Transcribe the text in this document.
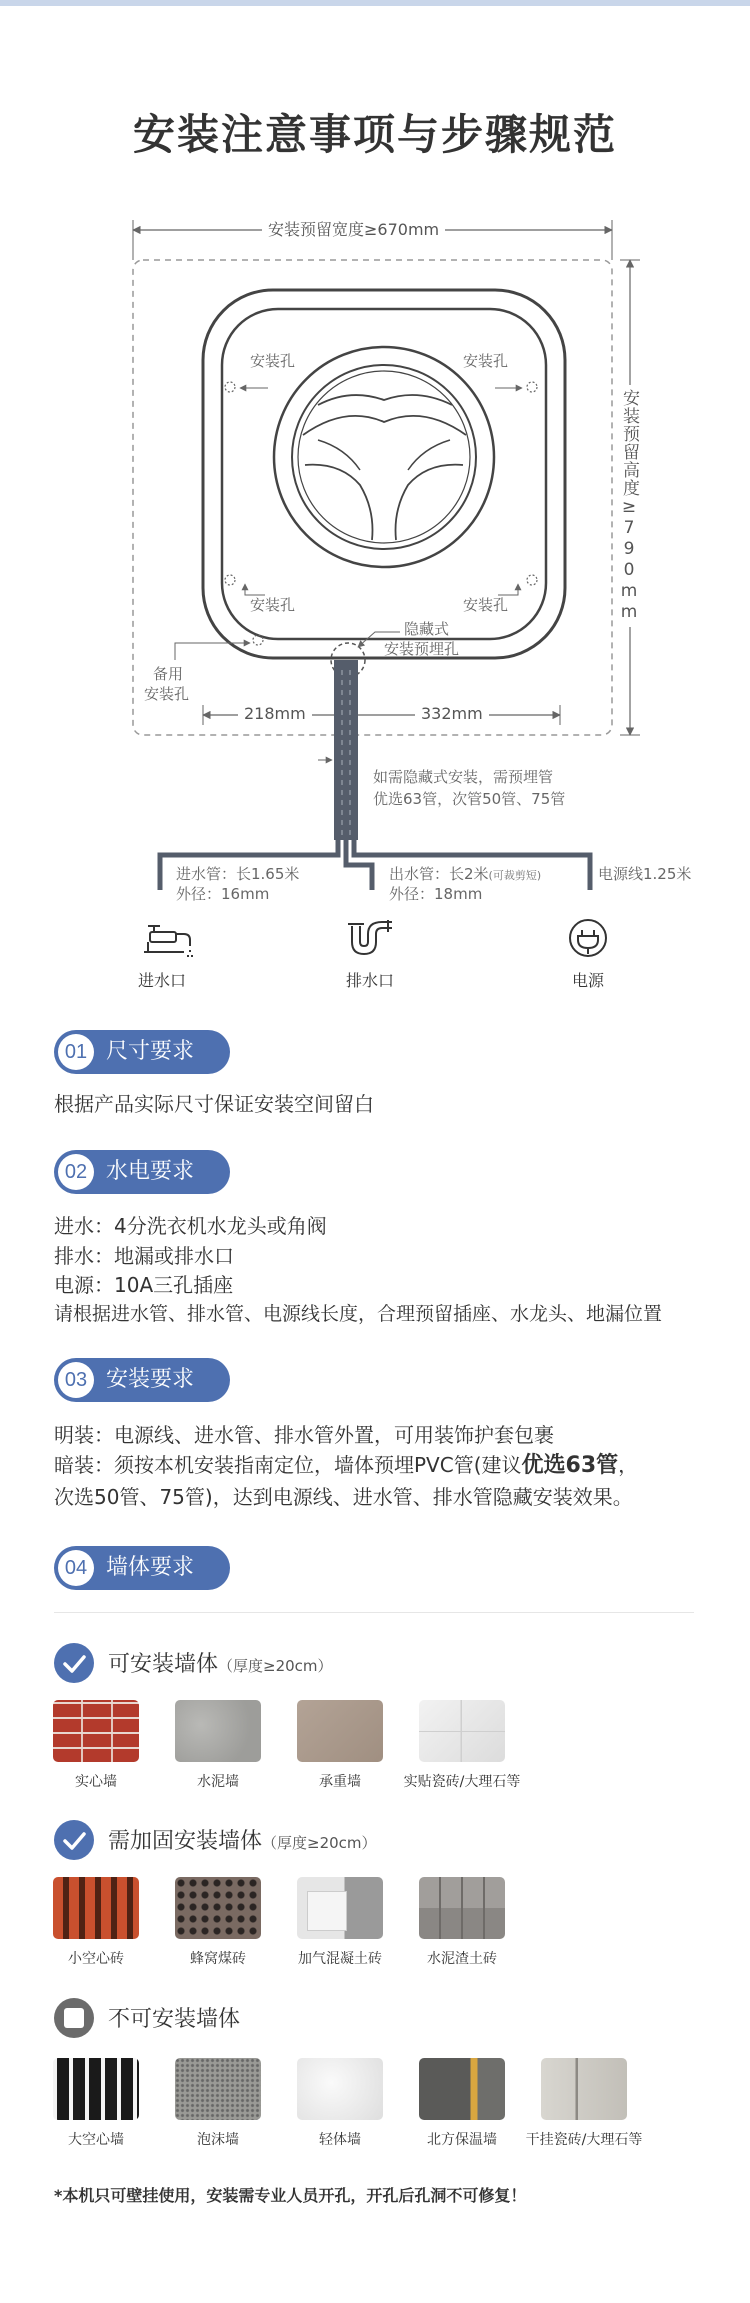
安装注意事项与步骤规范
安装预留宽度≥670mm
安装预留高度≥790mm
安装孔	安装孔
安装孔	安装孔
备用
安装孔
隐藏式
安装预埋孔
218mm	332mm
如需隐藏式安装，需预埋管
优选63管，次管50管、75管
进水管：长1.65米
外径：16mm
出水管：长2米(可裁剪短)
外径：18mm
电源线1.25米
进水口	排水口	电源
01 尺寸要求
根据产品实际尺寸保证安装空间留白
02 水电要求
进水：4分洗衣机水龙头或角阀
排水：地漏或排水口
电源：10A三孔插座
请根据进水管、排水管、电源线长度，合理预留插座、水龙头、地漏位置
03 安装要求
明装：电源线、进水管、排水管外置，可用装饰护套包裹
暗装：须按本机安装指南定位，墙体预埋PVC管(建议优选63管，
次选50管、75管)，达到电源线、进水管、排水管隐藏安装效果。
04 墙体要求
可安装墙体（厚度≥20cm）
实心墙	水泥墙	承重墙	实贴瓷砖/大理石等
需加固安装墙体（厚度≥20cm）
小空心砖	蜂窝煤砖	加气混凝土砖	水泥渣土砖
不可安装墙体
大空心墙	泡沫墙	轻体墙	北方保温墙	干挂瓷砖/大理石等
*本机只可壁挂使用，安装需专业人员开孔，开孔后孔洞不可修复！
